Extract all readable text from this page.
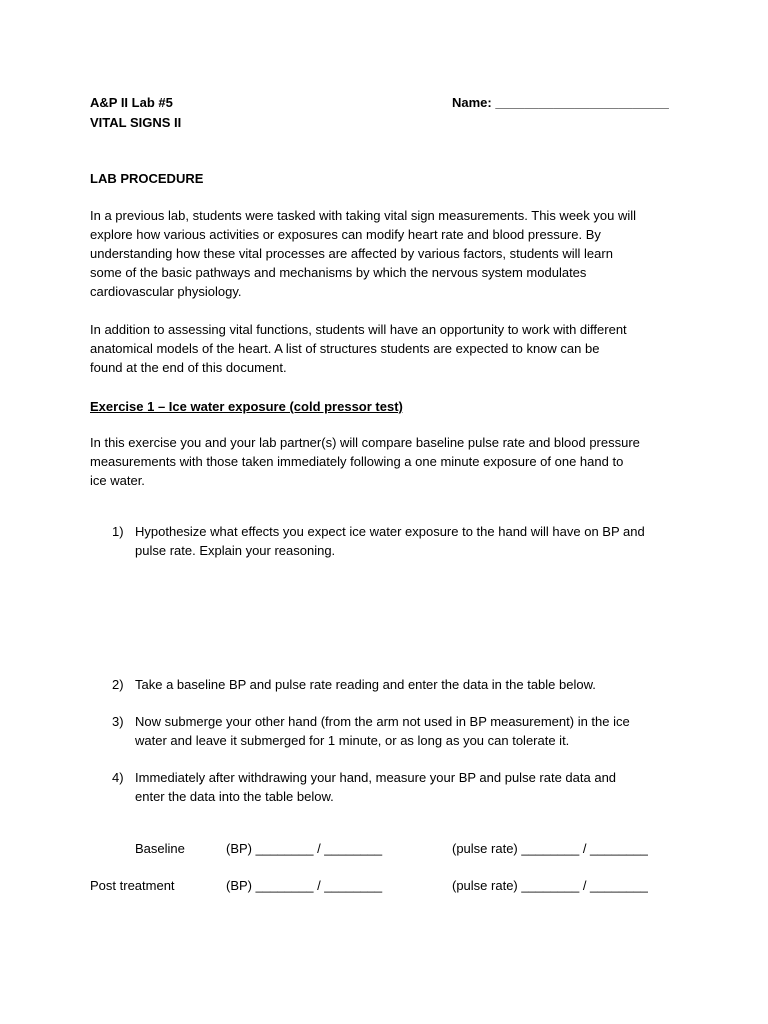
A&P II Lab #5
VITAL SIGNS II
Name: ________________________
LAB PROCEDURE
In a previous lab, students were tasked with taking vital sign measurements. This week you will
explore how various activities or exposures can modify heart rate and blood pressure. By
understanding how these vital processes are affected by various factors, students will learn
some of the basic pathways and mechanisms by which the nervous system modulates
cardiovascular physiology.
In addition to assessing vital functions, students will have an opportunity to work with different
anatomical models of the heart. A list of structures students are expected to know can be
found at the end of this document.
Exercise 1 – Ice water exposure (cold pressor test)
In this exercise you and your lab partner(s) will compare baseline pulse rate and blood pressure
measurements with those taken immediately following a one minute exposure of one hand to
ice water.
1) Hypothesize what effects you expect ice water exposure to the hand will have on BP and
pulse rate. Explain your reasoning.
2) Take a baseline BP and pulse rate reading and enter the data in the table below.
3) Now submerge your other hand (from the arm not used in BP measurement) in the ice
water and leave it submerged for 1 minute, or as long as you can tolerate it.
4) Immediately after withdrawing your hand, measure your BP and pulse rate data and
enter the data into the table below.
Baseline	(BP) ________ / ________	(pulse rate) ________ / ________
Post treatment	(BP) ________ / ________	(pulse rate) ________ / ________
